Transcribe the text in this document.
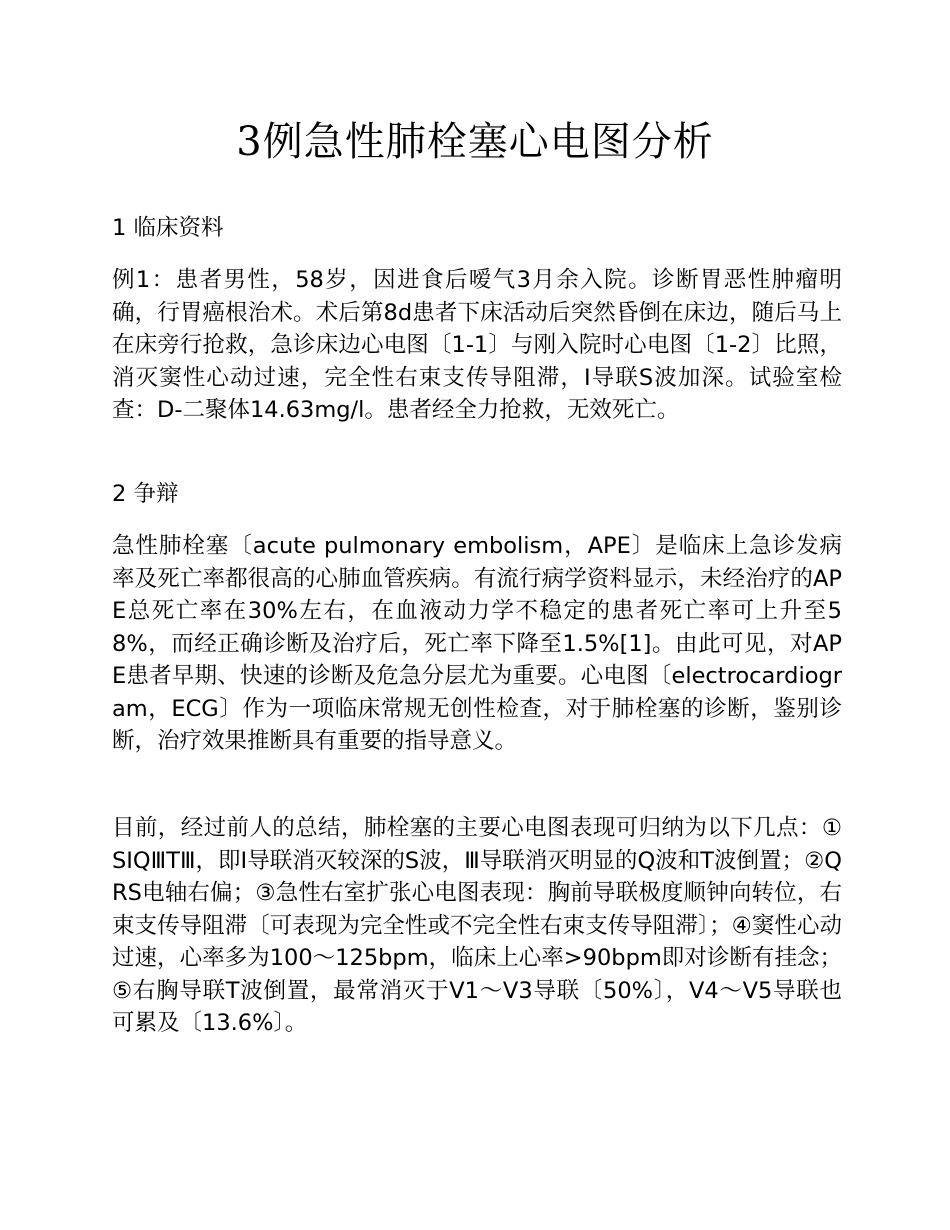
3例急性肺栓塞心电图分析
1 临床资料

例1：患者男性，58岁，因进食后嗳气3月余入院。诊断胃恶性肿瘤明确，行胃癌根治术。术后第8d患者下床活动后突然昏倒在床边，随后马上在床旁行抢救，急诊床边心电图〔1-1〕与刚入院时心电图〔1-2〕比照，消灭窦性心动过速，完全性右束支传导阻滞，Ⅰ导联S波加深。试验室检查：D-二聚体14.63mg/l。患者经全力抢救，无效死亡。

2 争辩

急性肺栓塞〔acute pulmonary embolism，APE〕是临床上急诊发病率及死亡率都很高的心肺血管疾病。有流行病学资料显示，未经治疗的APE总死亡率在30%左右，在血液动力学不稳定的患者死亡率可上升至58%，而经正确诊断及治疗后，死亡率下降至1.5%[1]。由此可见，对APE患者早期、快速的诊断及危急分层尤为重要。心电图〔electrocardiogram，ECG〕作为一项临床常规无创性检查，对于肺栓塞的诊断，鉴别诊断，治疗效果推断具有重要的指导意义。

目前，经过前人的总结，肺栓塞的主要心电图表现可归纳为以下几点：①SIQⅢTⅢ，即Ⅰ导联消灭较深的S波，Ⅲ导联消灭明显的Q波和T波倒置；②QRS电轴右偏；③急性右室扩张心电图表现：胸前导联极度顺钟向转位，右束支传导阻滞〔可表现为完全性或不完全性右束支传导阻滞〕；④窦性心动过速，心率多为100～125bpm，临床上心率>90bpm即对诊断有挂念；⑤右胸导联T波倒置，最常消灭于V1～V3导联〔50%〕，V4～V5导联也可累及〔13.6%〕。
